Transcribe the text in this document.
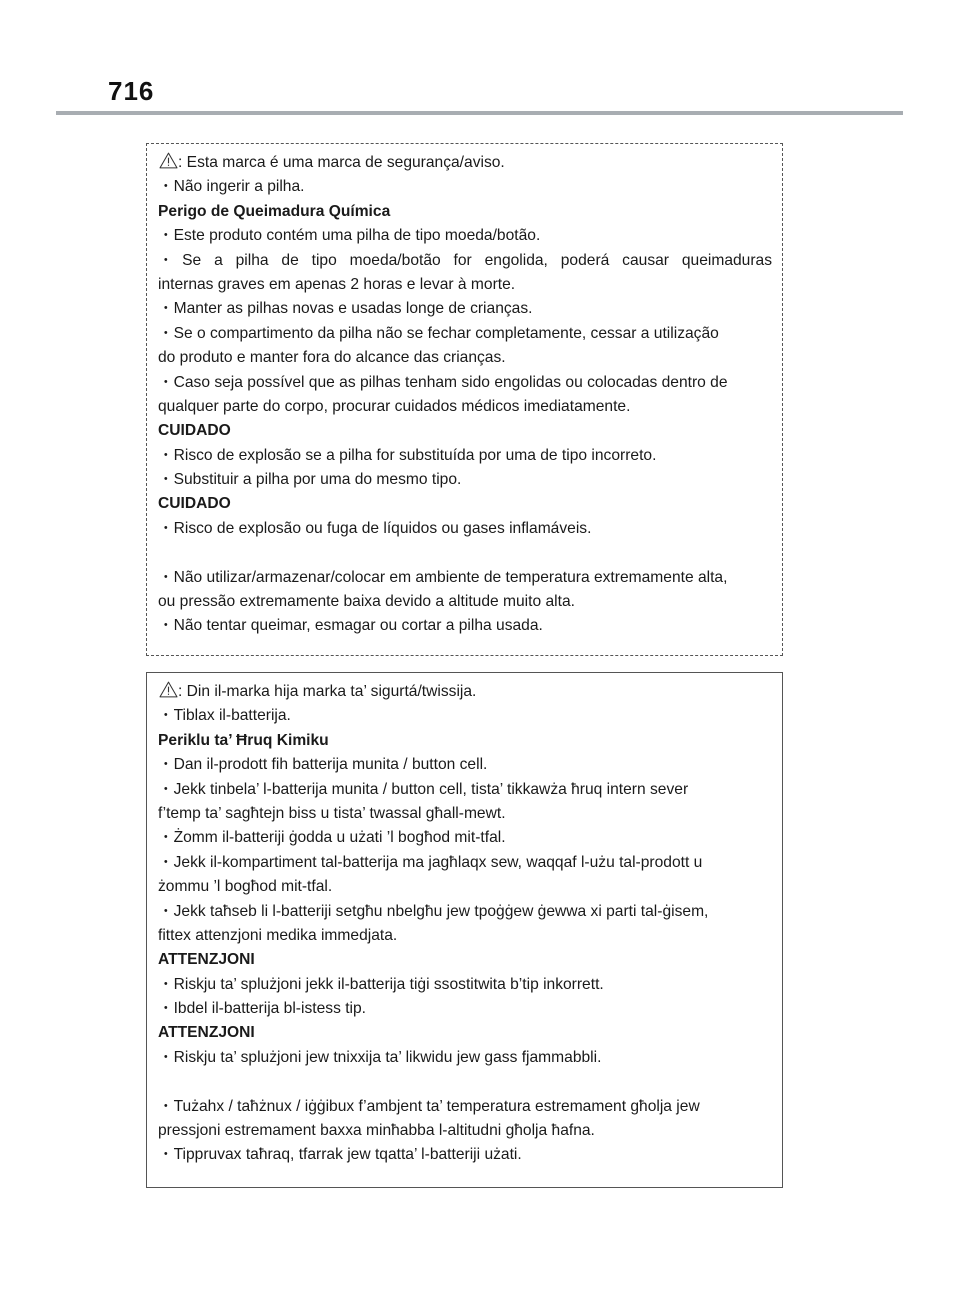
716
: Esta marca é uma marca de segurança/aviso.
・Não ingerir a pilha.
Perigo de Queimadura Química
・Este produto contém uma pilha de tipo moeda/botão.
・Se a pilha de tipo moeda/botão for engolida, poderá causar queimaduras
internas graves em apenas 2 horas e levar à morte.
・Manter as pilhas novas e usadas longe de crianças.
・Se o compartimento da pilha não se fechar completamente, cessar a utilização
do produto e manter fora do alcance das crianças.
・Caso seja possível que as pilhas tenham sido engolidas ou colocadas dentro de
qualquer parte do corpo, procurar cuidados médicos imediatamente.
CUIDADO
・Risco de explosão se a pilha for substituída por uma de tipo incorreto.
・Substituir a pilha por uma do mesmo tipo.
CUIDADO
・Risco de explosão ou fuga de líquidos ou gases inflamáveis.
・Não utilizar/armazenar/colocar em ambiente de temperatura extremamente alta,
ou pressão extremamente baixa devido a altitude muito alta.
・Não tentar queimar, esmagar ou cortar a pilha usada.
: Din il-marka hija marka ta’ sigurtá/twissija.
・Tiblax il-batterija.
Periklu ta’ Ħruq Kimiku
・Dan il-prodott fih batterija munita / button cell.
・Jekk tinbela’ l-batterija munita / button cell, tista’ tikkawża ħruq intern sever
f’temp ta’ sagħtejn biss u tista’ twassal għall-mewt.
・Żomm il-batteriji ġodda u użati ’l bogħod mit-tfal.
・Jekk il-kompartiment tal-batterija ma jagħlaqx sew, waqqaf l-użu tal-prodott u
żommu ’l bogħod mit-tfal.
・Jekk taħseb li l-batteriji setgħu nbelgħu jew tpoġġew ġewwa xi parti tal-ġisem,
fittex attenzjoni medika immedjata.
ATTENZJONI
・Riskju ta’ splużjoni jekk il-batterija tiġi ssostitwita b’tip inkorrett.
・Ibdel il-batterija bl-istess tip.
ATTENZJONI
・Riskju ta’ splużjoni jew tnixxija ta’ likwidu jew gass fjammabbli.
・Tużahx / taħżnux / iġġibux f’ambjent ta’ temperatura estremament għolja jew
pressjoni estremament baxxa minħabba l-altitudni għolja ħafna.
・Tippruvax taħraq, tfarrak jew tqatta’ l-batteriji użati.
